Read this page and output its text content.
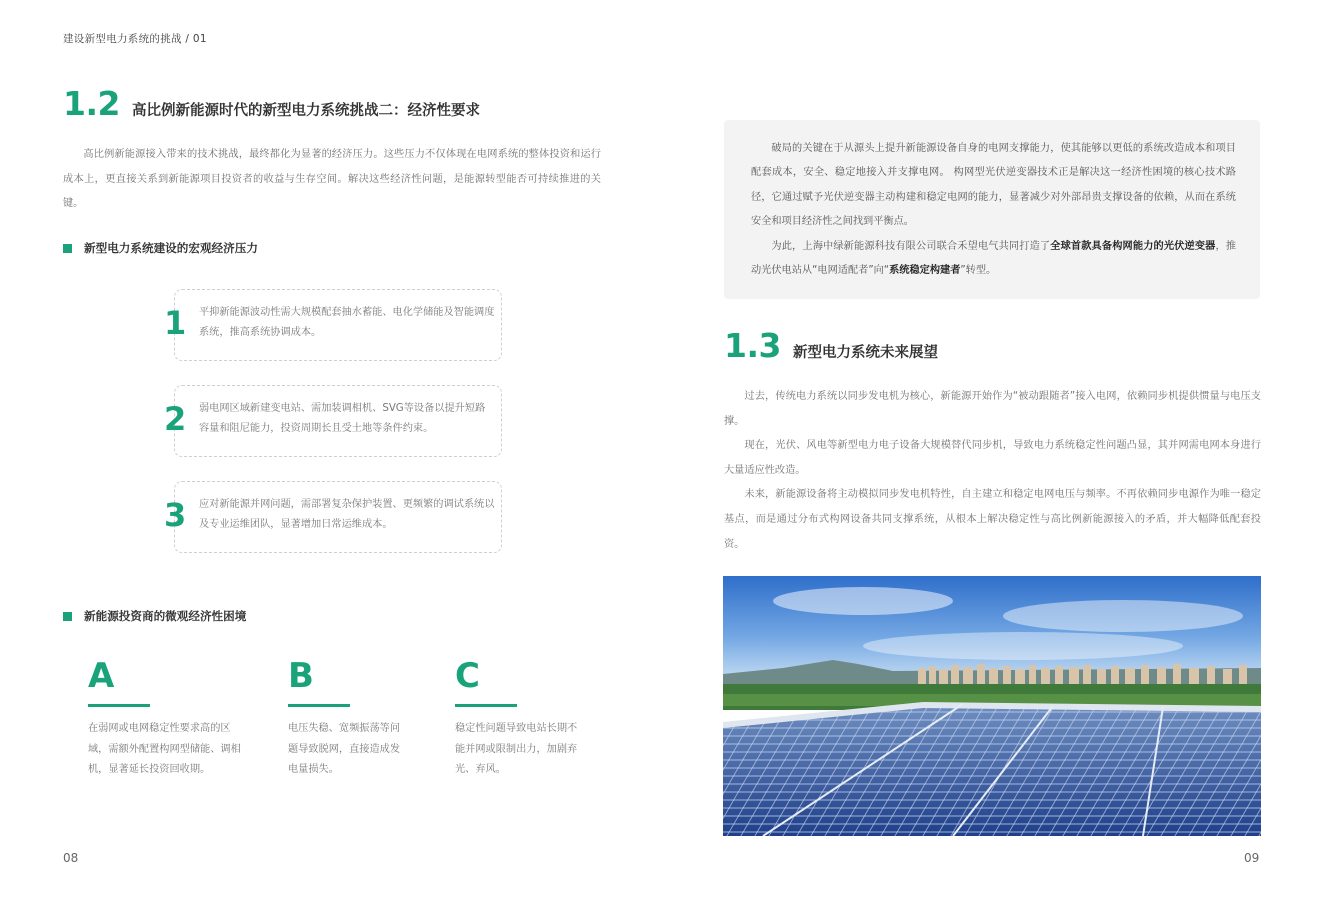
建设新型电力系统的挑战 / 01
1.2 高比例新能源时代的新型电力系统挑战二：经济性要求

高比例新能源接入带来的技术挑战，最终都化为显著的经济压力。这些压力不仅体现在电网系统的整体投资和运行成本上，更直接关系到新能源项目投资者的收益与生存空间。解决这些经济性问题，是能源转型能否可持续推进的关键。

新型电力系统建设的宏观经济压力
1 平抑新能源波动性需大规模配套抽水蓄能、电化学储能及智能调度系统，推高系统协调成本。
2 弱电网区域新建变电站、需加装调相机、SVG等设备以提升短路容量和阻尼能力，投资周期长且受土地等条件约束。
3 应对新能源并网问题，需部署复杂保护装置、更频繁的调试系统以及专业运维团队，显著增加日常运维成本。
新能源投资商的微观经济性困境
A
在弱网或电网稳定性要求高的区域，需额外配置构网型储能、调相机，显著延长投资回收期。
B
电压失稳、宽频振荡等问题导致脱网，直接造成发电量损失。
C
稳定性问题导致电站长期不能并网或限制出力，加剧弃光、弃风。
08

破局的关键在于从源头上提升新能源设备自身的电网支撑能力，使其能够以更低的系统改造成本和项目配套成本，安全、稳定地接入并支撑电网。 构网型光伏逆变器技术正是解决这一经济性困境的核心技术路径，它通过赋予光伏逆变器主动构建和稳定电网的能力，显著减少对外部昂贵支撑设备的依赖，从而在系统安全和项目经济性之间找到平衡点。

为此，上海中绿新能源科技有限公司联合禾望电气共同打造了全球首款具备构网能力的光伏逆变器，推动光伏电站从“电网适配者”向“系统稳定构建者”转型。

1.3 新型电力系统未来展望

过去，传统电力系统以同步发电机为核心，新能源开始作为“被动跟随者”接入电网，依赖同步机提供惯量与电压支撑。

现在，光伏、风电等新型电力电子设备大规模替代同步机，导致电力系统稳定性问题凸显，其并网需电网本身进行大量适应性改造。

未来，新能源设备将主动模拟同步发电机特性，自主建立和稳定电网电压与频率。不再依赖同步电源作为唯一稳定基点，而是通过分布式构网设备共同支撑系统，从根本上解决稳定性与高比例新能源接入的矛盾，并大幅降低配套投资。

09
